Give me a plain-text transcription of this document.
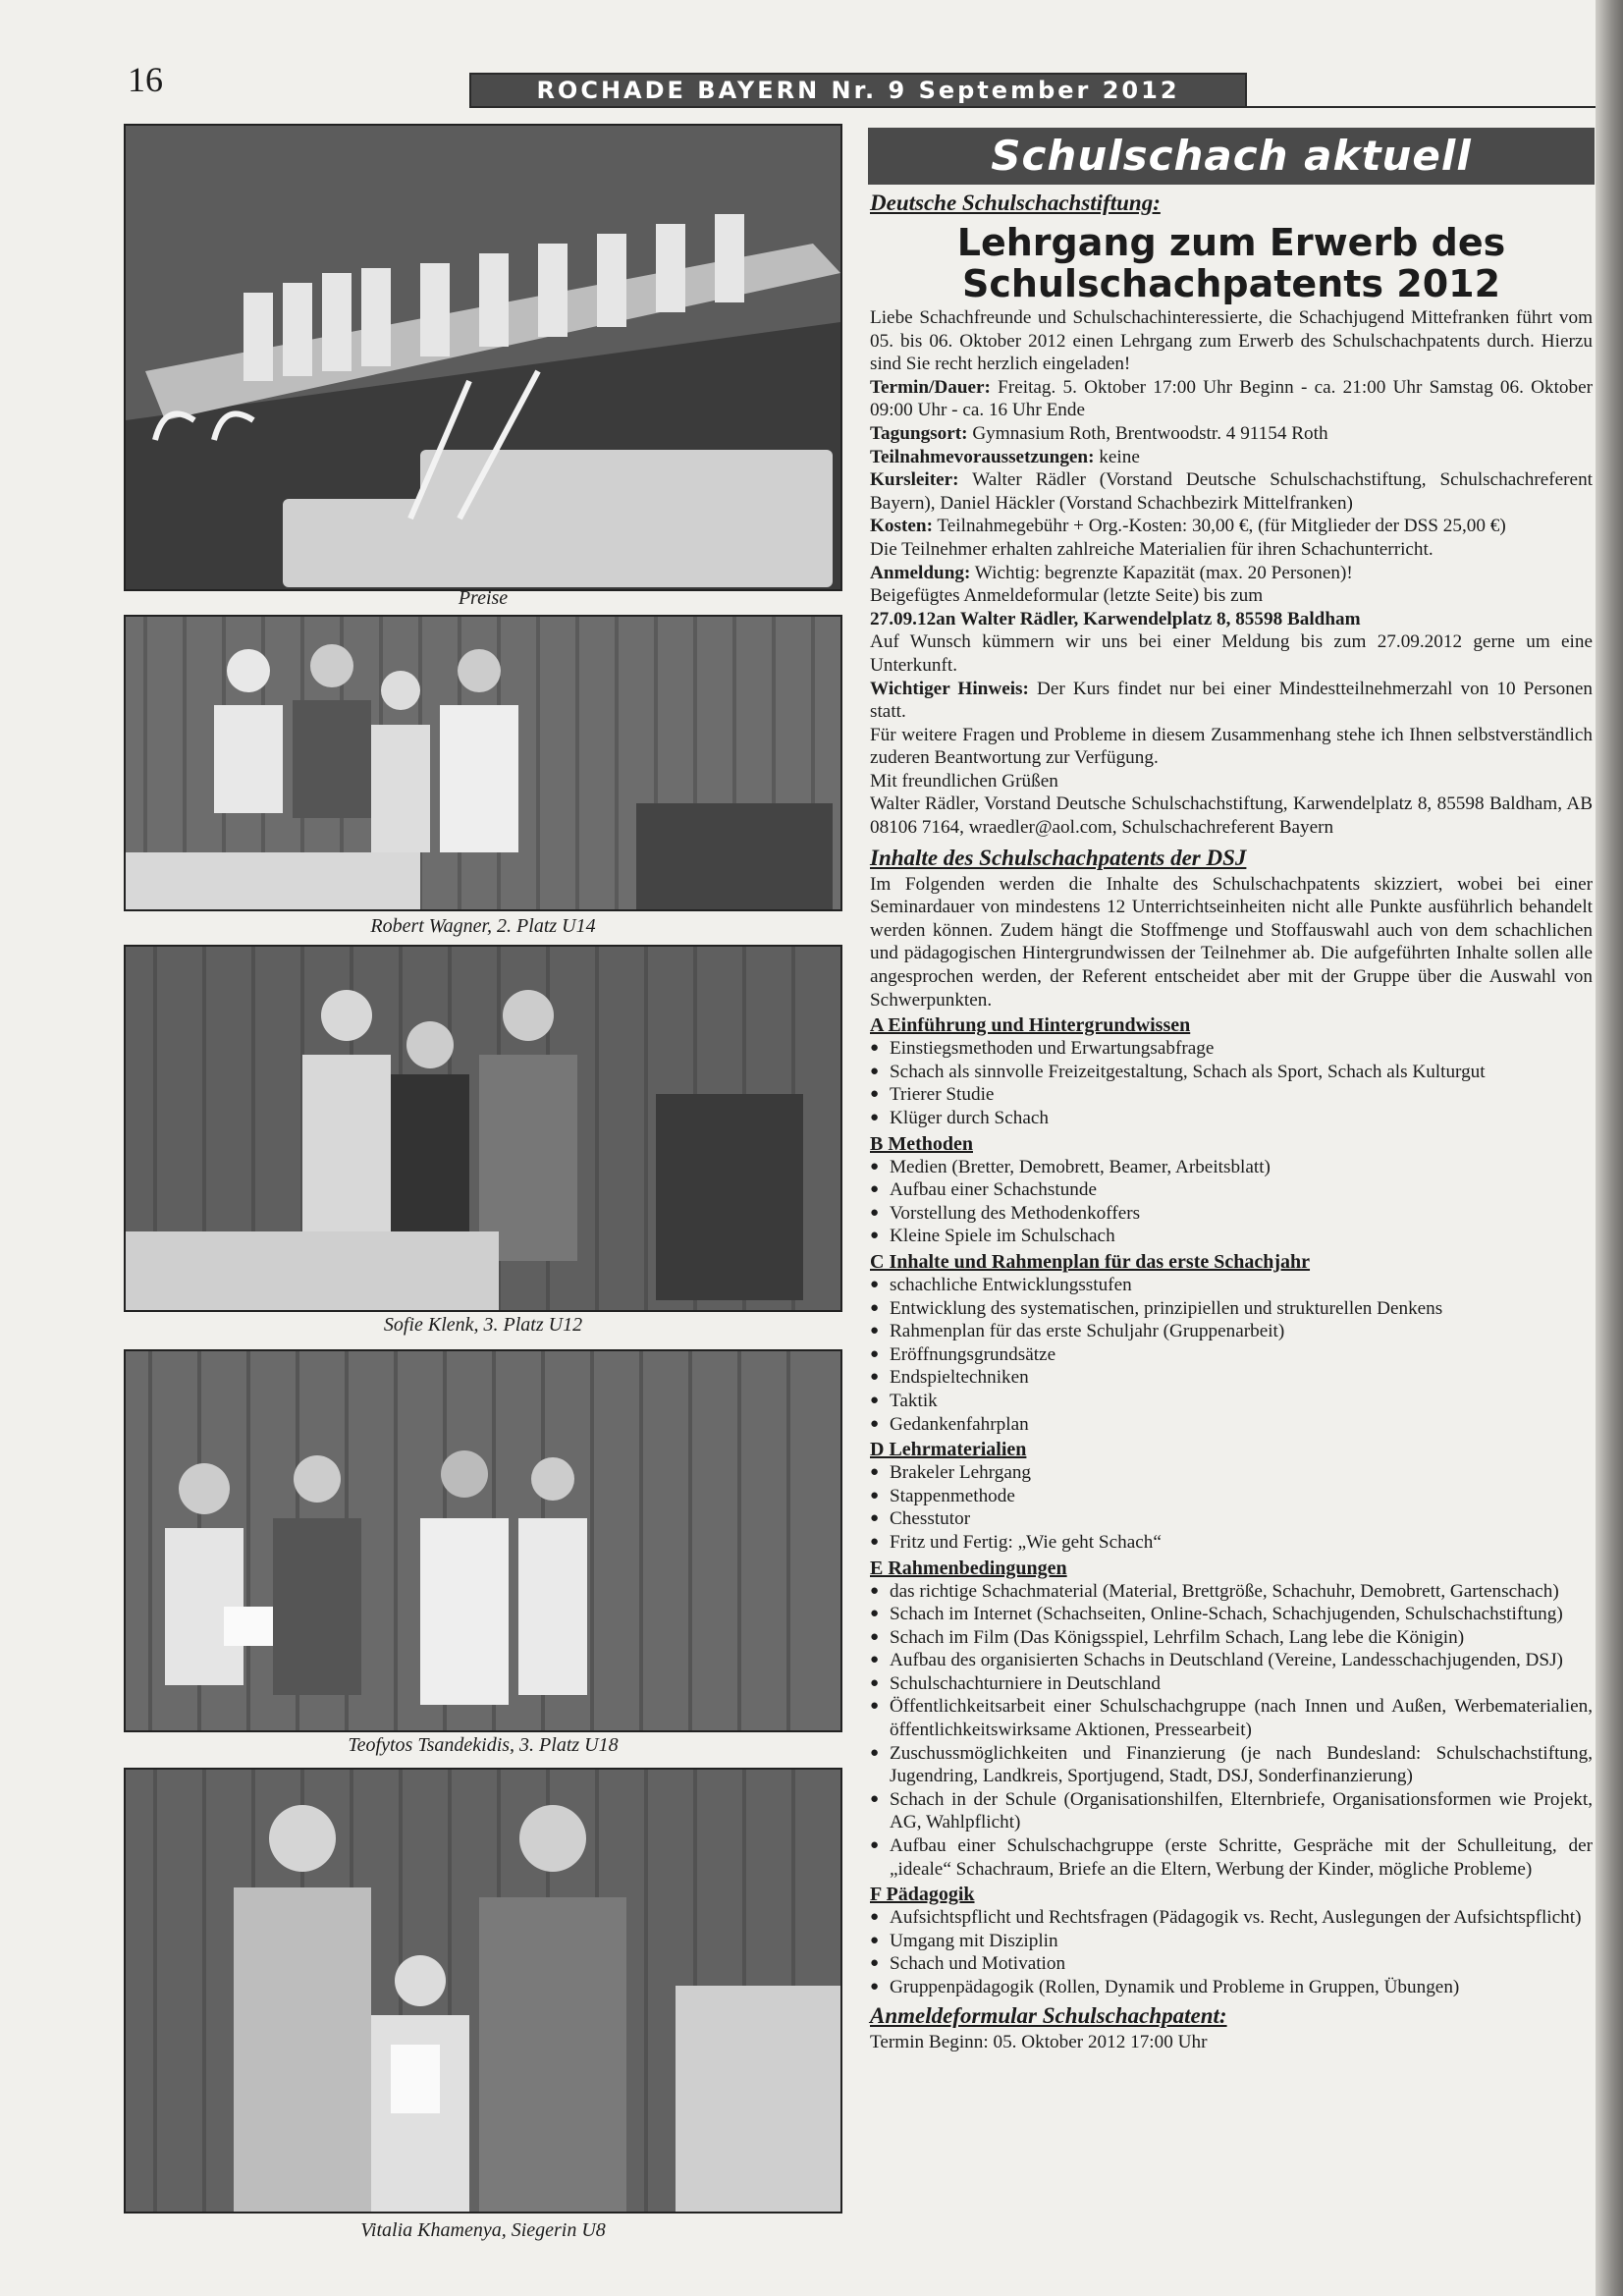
16	ROCHADE BAYERN Nr. 9 September 2012
Preise
Robert Wagner, 2. Platz U14
Sofie Klenk, 3. Platz U12
Teofytos Tsandekidis, 3. Platz U18
Vitalia Khamenya, Siegerin U8
Schulschach aktuell
Deutsche Schulschachstiftung:
Lehrgang zum Erwerb des
Schulschachpatents 2012

Liebe Schachfreunde und Schulschachinteressierte, die Schachjugend Mittefranken führt vom 05. bis 06. Oktober 2012 einen Lehrgang zum Erwerb des Schulschachpatents durch. Hierzu sind Sie recht herzlich eingeladen!

Termin/Dauer: Freitag. 5. Oktober 17:00 Uhr Beginn - ca. 21:00 Uhr Samstag 06. Oktober 09:00 Uhr - ca. 16 Uhr Ende

Tagungsort: Gymnasium Roth, Brentwoodstr. 4 91154 Roth

Teilnahmevoraussetzungen: keine

Kursleiter: Walter Rädler (Vorstand Deutsche Schulschachstiftung, Schulschachreferent Bayern), Daniel Häckler (Vorstand Schachbezirk Mittelfranken)

Kosten: Teilnahmegebühr + Org.-Kosten: 30,00 €, (für Mitglieder der DSS 25,00 €)

Die Teilnehmer erhalten zahlreiche Materialien für ihren Schachunterricht.

Anmeldung: Wichtig: begrenzte Kapazität (max. 20 Personen)!

Beigefügtes Anmeldeformular (letzte Seite) bis zum

27.09.12an Walter Rädler, Karwendelplatz 8, 85598 Baldham

Auf Wunsch kümmern wir uns bei einer Meldung bis zum 27.09.2012 gerne um eine Unterkunft.

Wichtiger Hinweis: Der Kurs findet nur bei einer Mindestteilnehmerzahl von 10 Personen statt.

Für weitere Fragen und Probleme in diesem Zusammenhang stehe ich Ihnen selbstverständlich zuderen Beantwortung zur Verfügung.

Mit freundlichen Grüßen

Walter Rädler, Vorstand Deutsche Schulschachstiftung, Karwendelplatz 8, 85598 Baldham, AB 08106 7164, wraedler@aol.com, Schulschachreferent Bayern

Inhalte des Schulschachpatents der DSJ

Im Folgenden werden die Inhalte des Schulschachpatents skizziert, wobei bei einer Seminardauer von mindestens 12 Unterrichtseinheiten nicht alle Punkte ausführlich behandelt werden können. Zudem hängt die Stoffmenge und Stoffauswahl auch von dem schachlichen und pädagogischen Hintergrundwissen der Teilnehmer ab. Die aufgeführten Inhalte sollen alle angesprochen werden, der Referent entscheidet aber mit der Gruppe über die Auswahl von Schwerpunkten.

A Einführung und Hintergrundwissen
● Einstiegsmethoden und Erwartungsabfrage
● Schach als sinnvolle Freizeitgestaltung, Schach als Sport, Schach als Kulturgut
● Trierer Studie
● Klüger durch Schach
B Methoden
● Medien (Bretter, Demobrett, Beamer, Arbeitsblatt)
● Aufbau einer Schachstunde
● Vorstellung des Methodenkoffers
● Kleine Spiele im Schulschach
C Inhalte und Rahmenplan für das erste Schachjahr
● schachliche Entwicklungsstufen
● Entwicklung des systematischen, prinzipiellen und strukturellen Denkens
● Rahmenplan für das erste Schuljahr (Gruppenarbeit)
● Eröffnungsgrundsätze
● Endspieltechniken
● Taktik
● Gedankenfahrplan
D Lehrmaterialien
● Brakeler Lehrgang
● Stappenmethode
● Chesstutor
● Fritz und Fertig: „Wie geht Schach“
E Rahmenbedingungen
● das richtige Schachmaterial (Material, Brettgröße, Schachuhr, Demobrett, Gartenschach)
● Schach im Internet (Schachseiten, Online-Schach, Schachjugenden, Schulschachstiftung)
● Schach im Film (Das Königsspiel, Lehrfilm Schach, Lang lebe die Königin)
● Aufbau des organisierten Schachs in Deutschland (Vereine, Landesschachjugenden, DSJ)
● Schulschachturniere in Deutschland
● Öffentlichkeitsarbeit einer Schulschachgruppe (nach Innen und Außen, Werbematerialien, öffentlichkeitswirksame Aktionen, Pressearbeit)
● Zuschussmöglichkeiten und Finanzierung (je nach Bundesland: Schulschachstiftung, Jugendring, Landkreis, Sportjugend, Stadt, DSJ, Sonderfinanzierung)
● Schach in der Schule (Organisationshilfen, Elternbriefe, Organisationsformen wie Projekt, AG, Wahlpflicht)
● Aufbau einer Schulschachgruppe (erste Schritte, Gespräche mit der Schulleitung, der „ideale“ Schachraum, Briefe an die Eltern, Werbung der Kinder, mögliche Probleme)
F Pädagogik
● Aufsichtspflicht und Rechtsfragen (Pädagogik vs. Recht, Auslegungen der Aufsichtspflicht)
● Umgang mit Disziplin
● Schach und Motivation
● Gruppenpädagogik (Rollen, Dynamik und Probleme in Gruppen, Übungen)
Anmeldeformular Schulschachpatent:

Termin Beginn: 05. Oktober 2012 17:00 Uhr
